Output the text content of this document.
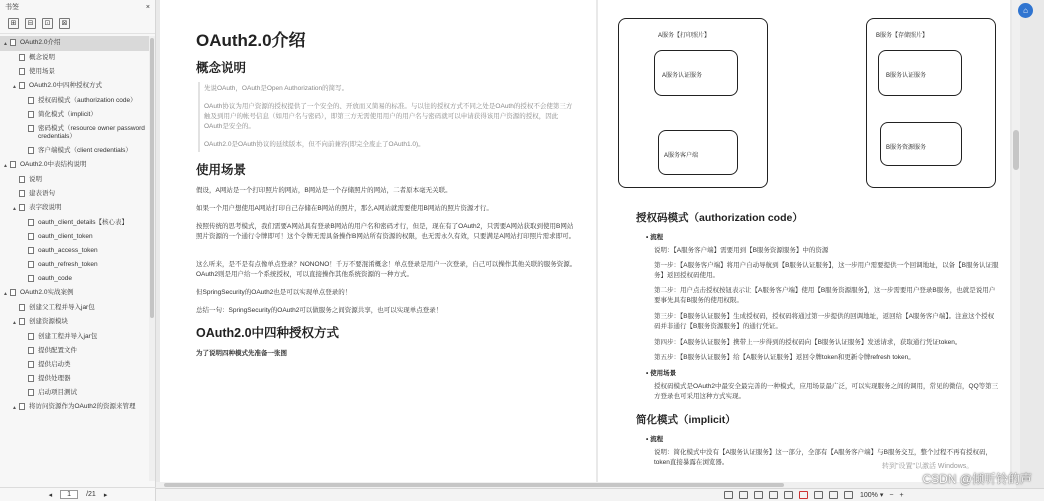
书签	×
⊞	⊟	⊡	⊠
▲	OAuth2.0介绍
概念说明
使用场景
▲	OAuth2.0中四种授权方式
授权码模式（authorization code）
简化模式（implicit）
密码模式（resource owner password credentials）
客户端模式（client credentials）
▲	OAuth2.0中表结构说明
说明
建表语句
▲	表字段说明
oauth_client_details【核心表】
oauth_client_token
oauth_access_token
oauth_refresh_token
oauth_code
▲	OAuth2.0实战案例
创建父工程并导入jar包
▲	创建资源模块
创建工程并导入jar包
提供配置文件
提供启动类
提供处理器
启动项目测试
▲	将访问资源作为OAuth2的资源来管理
◂	1	/21 ▸
OAuth2.0介绍
概念说明
先说OAuth，OAuth是Open Authorization的简写。
OAuth协议为用户资源的授权提供了一个安全的、开放而又简易的标准。与以往的授权方式不同之处是OAuth的授权不会使第三方触及到用户的帐号信息（如用户名与密码），即第三方无需使用用户的用户名与密码就可以申请获得该用户资源的授权，因此OAuth是安全的。
OAuth2.0是OAuth协议的延续版本，但不向前兼容(即完全废止了OAuth1.0)。
使用场景
假设，A网站是一个打印照片的网站，B网站是一个存储照片的网站，二者原本毫无关联。
如果一个用户想使用A网站打印自己存储在B网站的照片，那么A网站就需要使用B网站的照片资源才行。
按照传统的思考模式，我们需要A网站具有登录B网站的用户名和密码才行，但是，现在有了OAuth2，只需要A网站获取到使用B网站照片资源的一个通行令牌即可！这个令牌无需具备操作B网站所有资源的权限，也无需永久有效，只要满足A网站打印照片需求即可。
这么听来，是不是有点像单点登录？NONONO！千万不要混淆概念！单点登录是用户一次登录，自己可以操作其他关联的服务资源。OAuth2则是用户给一个系统授权，可以直接操作其他系统资源的一种方式。
但SpringSecurity的OAuth2也是可以实现单点登录的！
总结一句：SpringSecurity的OAuth2可以做服务之间资源共享，也可以实现单点登录！
OAuth2.0中四种授权方式
为了说明四种模式先准备一张图
A服务【打印照片】
A服务认证服务
A服务客户端
B服务【存储照片】
B服务认证服务
B服务资源服务
授权码模式（authorization code）
• 流程
说明：【A服务客户端】需要用到【B服务资源服务】中的资源
第一步：【A服务客户端】将用户自动导航到【B服务认证服务】，这一步用户需要提供一个回调地址，以备【B服务认证服务】返回授权码使用。
第二步：用户点击授权按钮表示让【A服务客户端】使用【B服务资源服务】，这一步需要用户登录B服务，也就是说用户要事先具有B服务的使用权限。
第三步：【B服务认证服务】生成授权码，授权码将通过第一步提供的回调地址，返回给【A服务客户端】。注意这个授权码并非通行【B服务资源服务】的通行凭证。
第四步：【A服务认证服务】携带上一步得到的授权码向【B服务认证服务】发送请求，获取通行凭证token。
第五步：【B服务认证服务】给【A服务认证服务】返回令牌token和更新令牌refresh token。
• 使用场景
授权码模式是OAuth2中最安全最完善的一种模式，应用场景最广泛，可以实现服务之间的调用，常见的微信，QQ等第三方登录也可采用这种方式实现。
简化模式（implicit）
• 流程
说明：简化模式中没有【A服务认证服务】这一部分，全部有【A服务客户端】与B服务交互，整个过程不再有授权码，token直接暴露在浏览器。
⌂
转到"设置"以激活 Windows。
100% ▾ − +
CSDN @倾听铃的声
